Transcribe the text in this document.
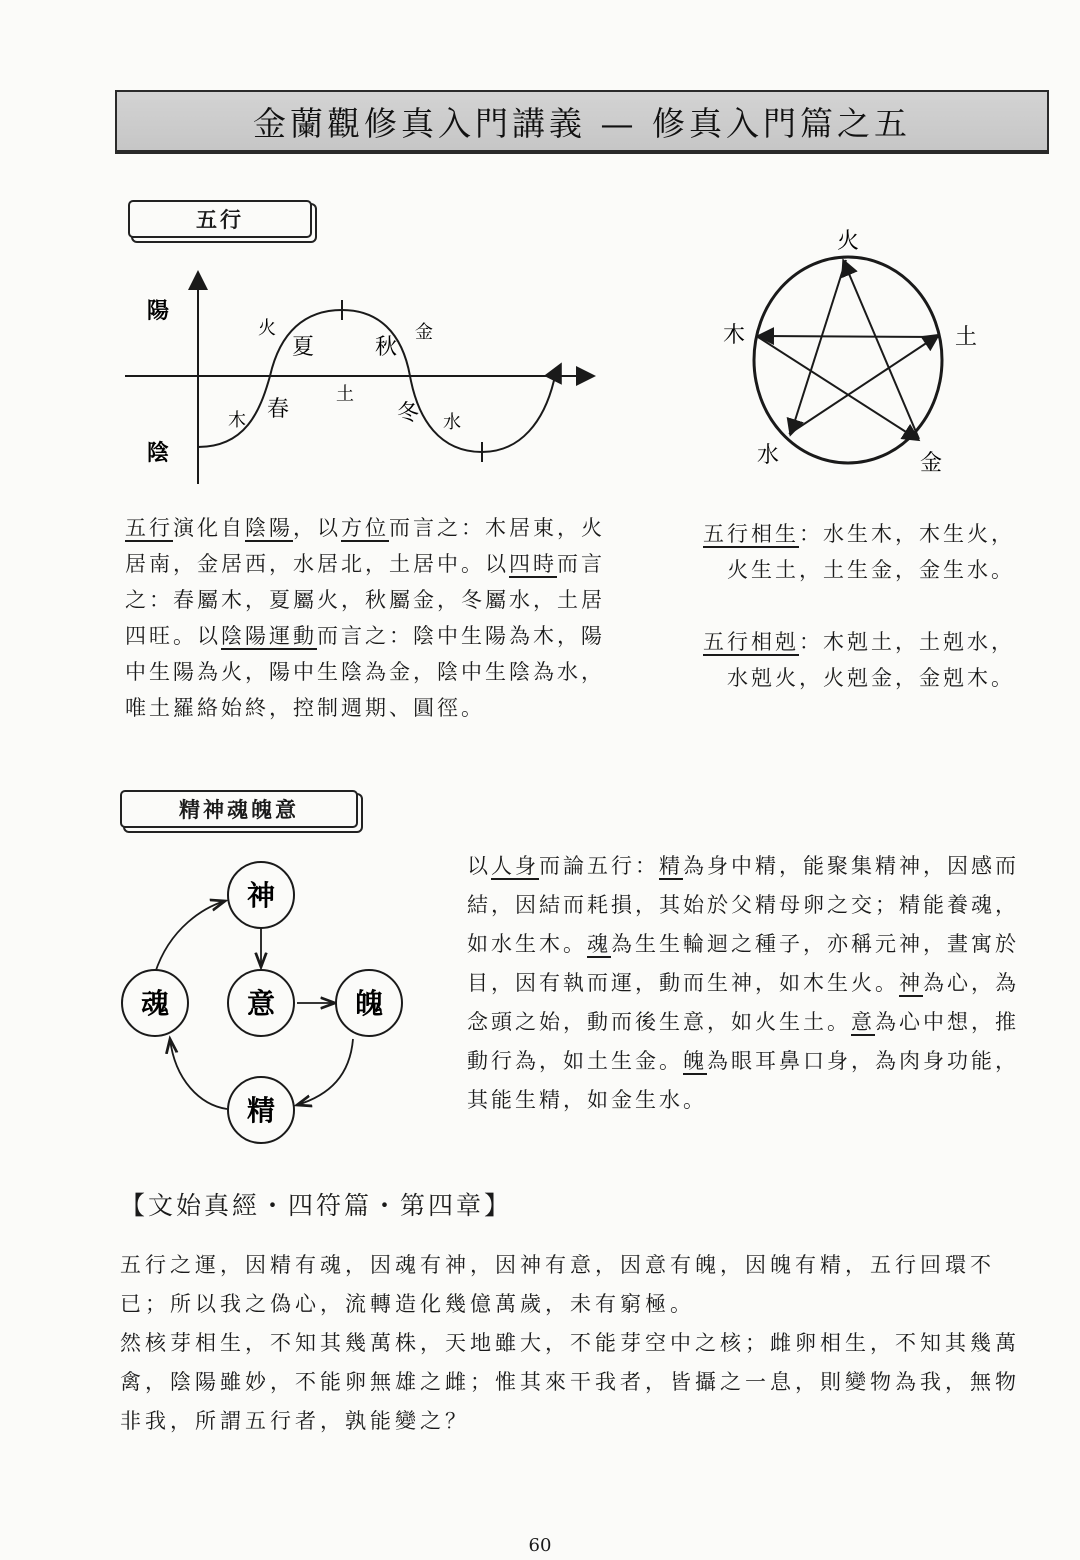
金蘭觀修真入門講義 — 修真入門篇之五
五行
陽
陰
火
夏	秋
金
土
木 春	冬 水
火
木	土
水	金

五行演化自陰陽，以方位而言之：木居東，火居南，金居西，水居北，土居中。以四時而言之：春屬木，夏屬火，秋屬金，冬屬水，土居四旺。以陰陽運動而言之：陰中生陽為木，陽中生陽為火，陽中生陰為金，陰中生陰為水，唯土羅絡始終，控制週期、圓徑。

五行相生：水生木，木生火，

火生土，土生金，金生水。

五行相剋：木剋土，土剋水，

水剋火，火剋金，金剋木。

精神魂魄意
神
魂	意	魄
精

以人身而論五行：精為身中精，能聚集精神，因感而結，因結而耗損，其始於父精母卵之交；精能養魂，如水生木。魂為生生輪迴之種子，亦稱元神，晝寓於目，因有執而運，動而生神，如木生火。神為心，為念頭之始，動而後生意，如火生土。意為心中想，推動行為，如土生金。魄為眼耳鼻口身，為肉身功能，其能生精，如金生水。

【文始真經・四符篇・第四章】

五行之運，因精有魂，因魂有神，因神有意，因意有魄，因魄有精，五行回環不已；所以我之偽心，流轉造化幾億萬歲，未有窮極。

然核芽相生，不知其幾萬株，天地雖大，不能芽空中之核；雌卵相生，不知其幾萬禽，陰陽雖妙，不能卵無雄之雌；惟其來干我者，皆攝之一息，則變物為我，無物非我，所謂五行者，孰能變之？

60
